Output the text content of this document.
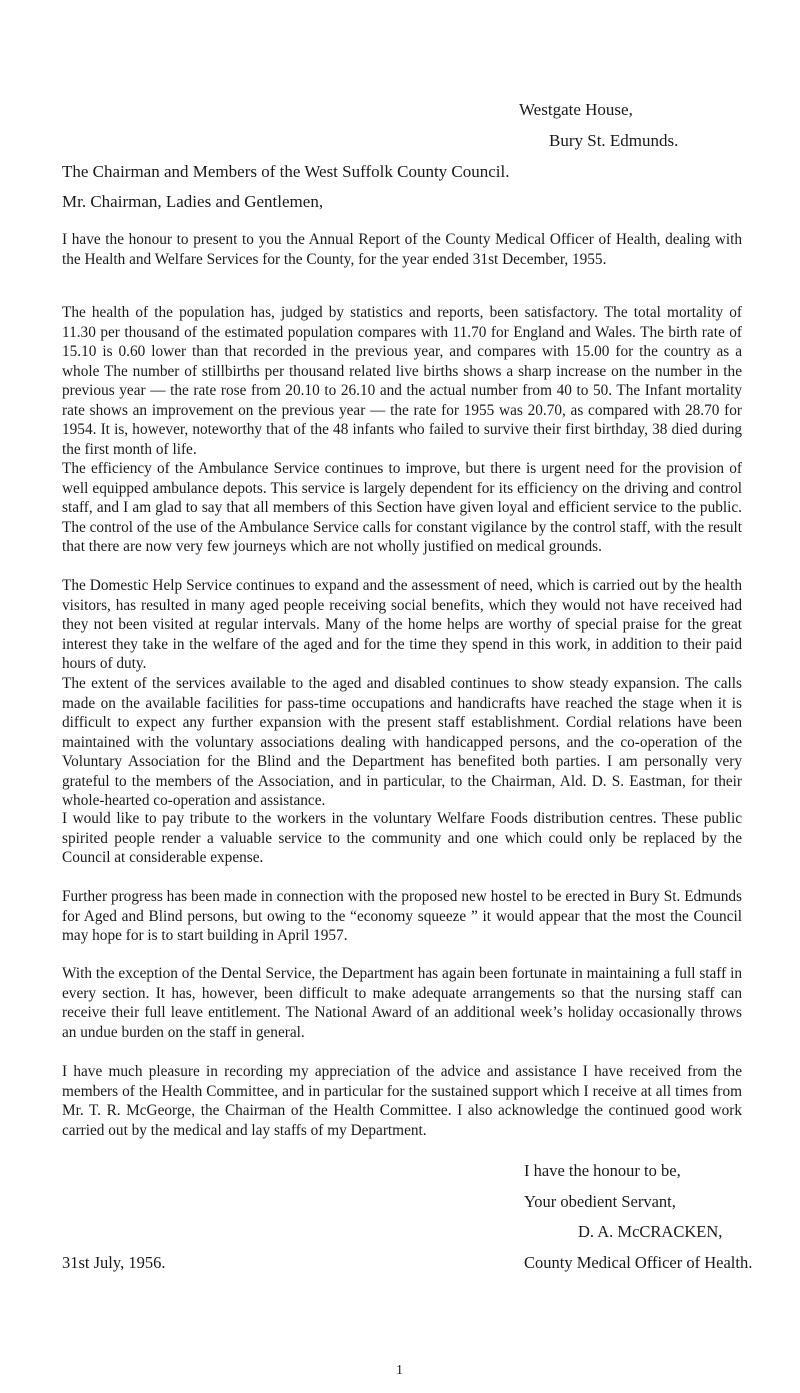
Westgate House,
Bury St. Edmunds.
The Chairman and Members of the West Suffolk County Council.
Mr. Chairman, Ladies and Gentlemen,

I have the honour to present to you the Annual Report of the County Medical Officer of Health, dealing with the Health and Welfare Services for the County, for the year ended 31st December, 1955.

The health of the population has, judged by statistics and reports, been satisfactory. The total mortality of 11.30 per thousand of the estimated population compares with 11.70 for England and Wales. The birth rate of 15.10 is 0.60 lower than that recorded in the previous year, and compares with 15.00 for the country as a whole The number of stillbirths per thousand related live births shows a sharp increase on the number in the previous year — the rate rose from 20.10 to 26.10 and the actual number from 40 to 50. The Infant mortality rate shows an improvement on the previous year — the rate for 1955 was 20.70, as compared with 28.70 for 1954. It is, however, noteworthy that of the 48 infants who failed to survive their first birthday, 38 died during the first month of life.

The efficiency of the Ambulance Service continues to improve, but there is urgent need for the provision of well equipped ambulance depots. This service is largely dependent for its efficiency on the driving and control staff, and I am glad to say that all members of this Section have given loyal and efficient service to the public. The control of the use of the Ambulance Service calls for constant vigilance by the control staff, with the result that there are now very few journeys which are not wholly justified on medical grounds.

The Domestic Help Service continues to expand and the assessment of need, which is carried out by the health visitors, has resulted in many aged people receiving social benefits, which they would not have received had they not been visited at regular intervals. Many of the home helps are worthy of special praise for the great interest they take in the welfare of the aged and for the time they spend in this work, in addition to their paid hours of duty.

The extent of the services available to the aged and disabled continues to show steady expansion. The calls made on the available facilities for pass-time occupations and handicrafts have reached the stage when it is difficult to expect any further expansion with the present staff establishment. Cordial relations have been maintained with the voluntary associations dealing with handicapped persons, and the co-operation of the Voluntary Association for the Blind and the Department has benefited both parties. I am personally very grateful to the members of the Association, and in particular, to the Chairman, Ald. D. S. Eastman, for their whole-hearted co-operation and assistance.

I would like to pay tribute to the workers in the voluntary Welfare Foods distribution centres. These public spirited people render a valuable service to the community and one which could only be replaced by the Council at considerable expense.

Further progress has been made in connection with the proposed new hostel to be erected in Bury St. Edmunds for Aged and Blind persons, but owing to the “economy squeeze ” it would appear that the most the Council may hope for is to start building in April 1957.

With the exception of the Dental Service, the Department has again been fortunate in maintaining a full staff in every section. It has, however, been difficult to make adequate arrangements so that the nursing staff can receive their full leave entitlement. The National Award of an additional week’s holiday occasionally throws an undue burden on the staff in general.

I have much pleasure in recording my appreciation of the advice and assistance I have received from the members of the Health Committee, and in particular for the sustained support which I receive at all times from Mr. T. R. McGeorge, the Chairman of the Health Committee. I also acknowledge the continued good work carried out by the medical and lay staffs of my Department.

I have the honour to be,
Your obedient Servant,
D. A. McCRACKEN,
County Medical Officer of Health.
31st July, 1956.
1
